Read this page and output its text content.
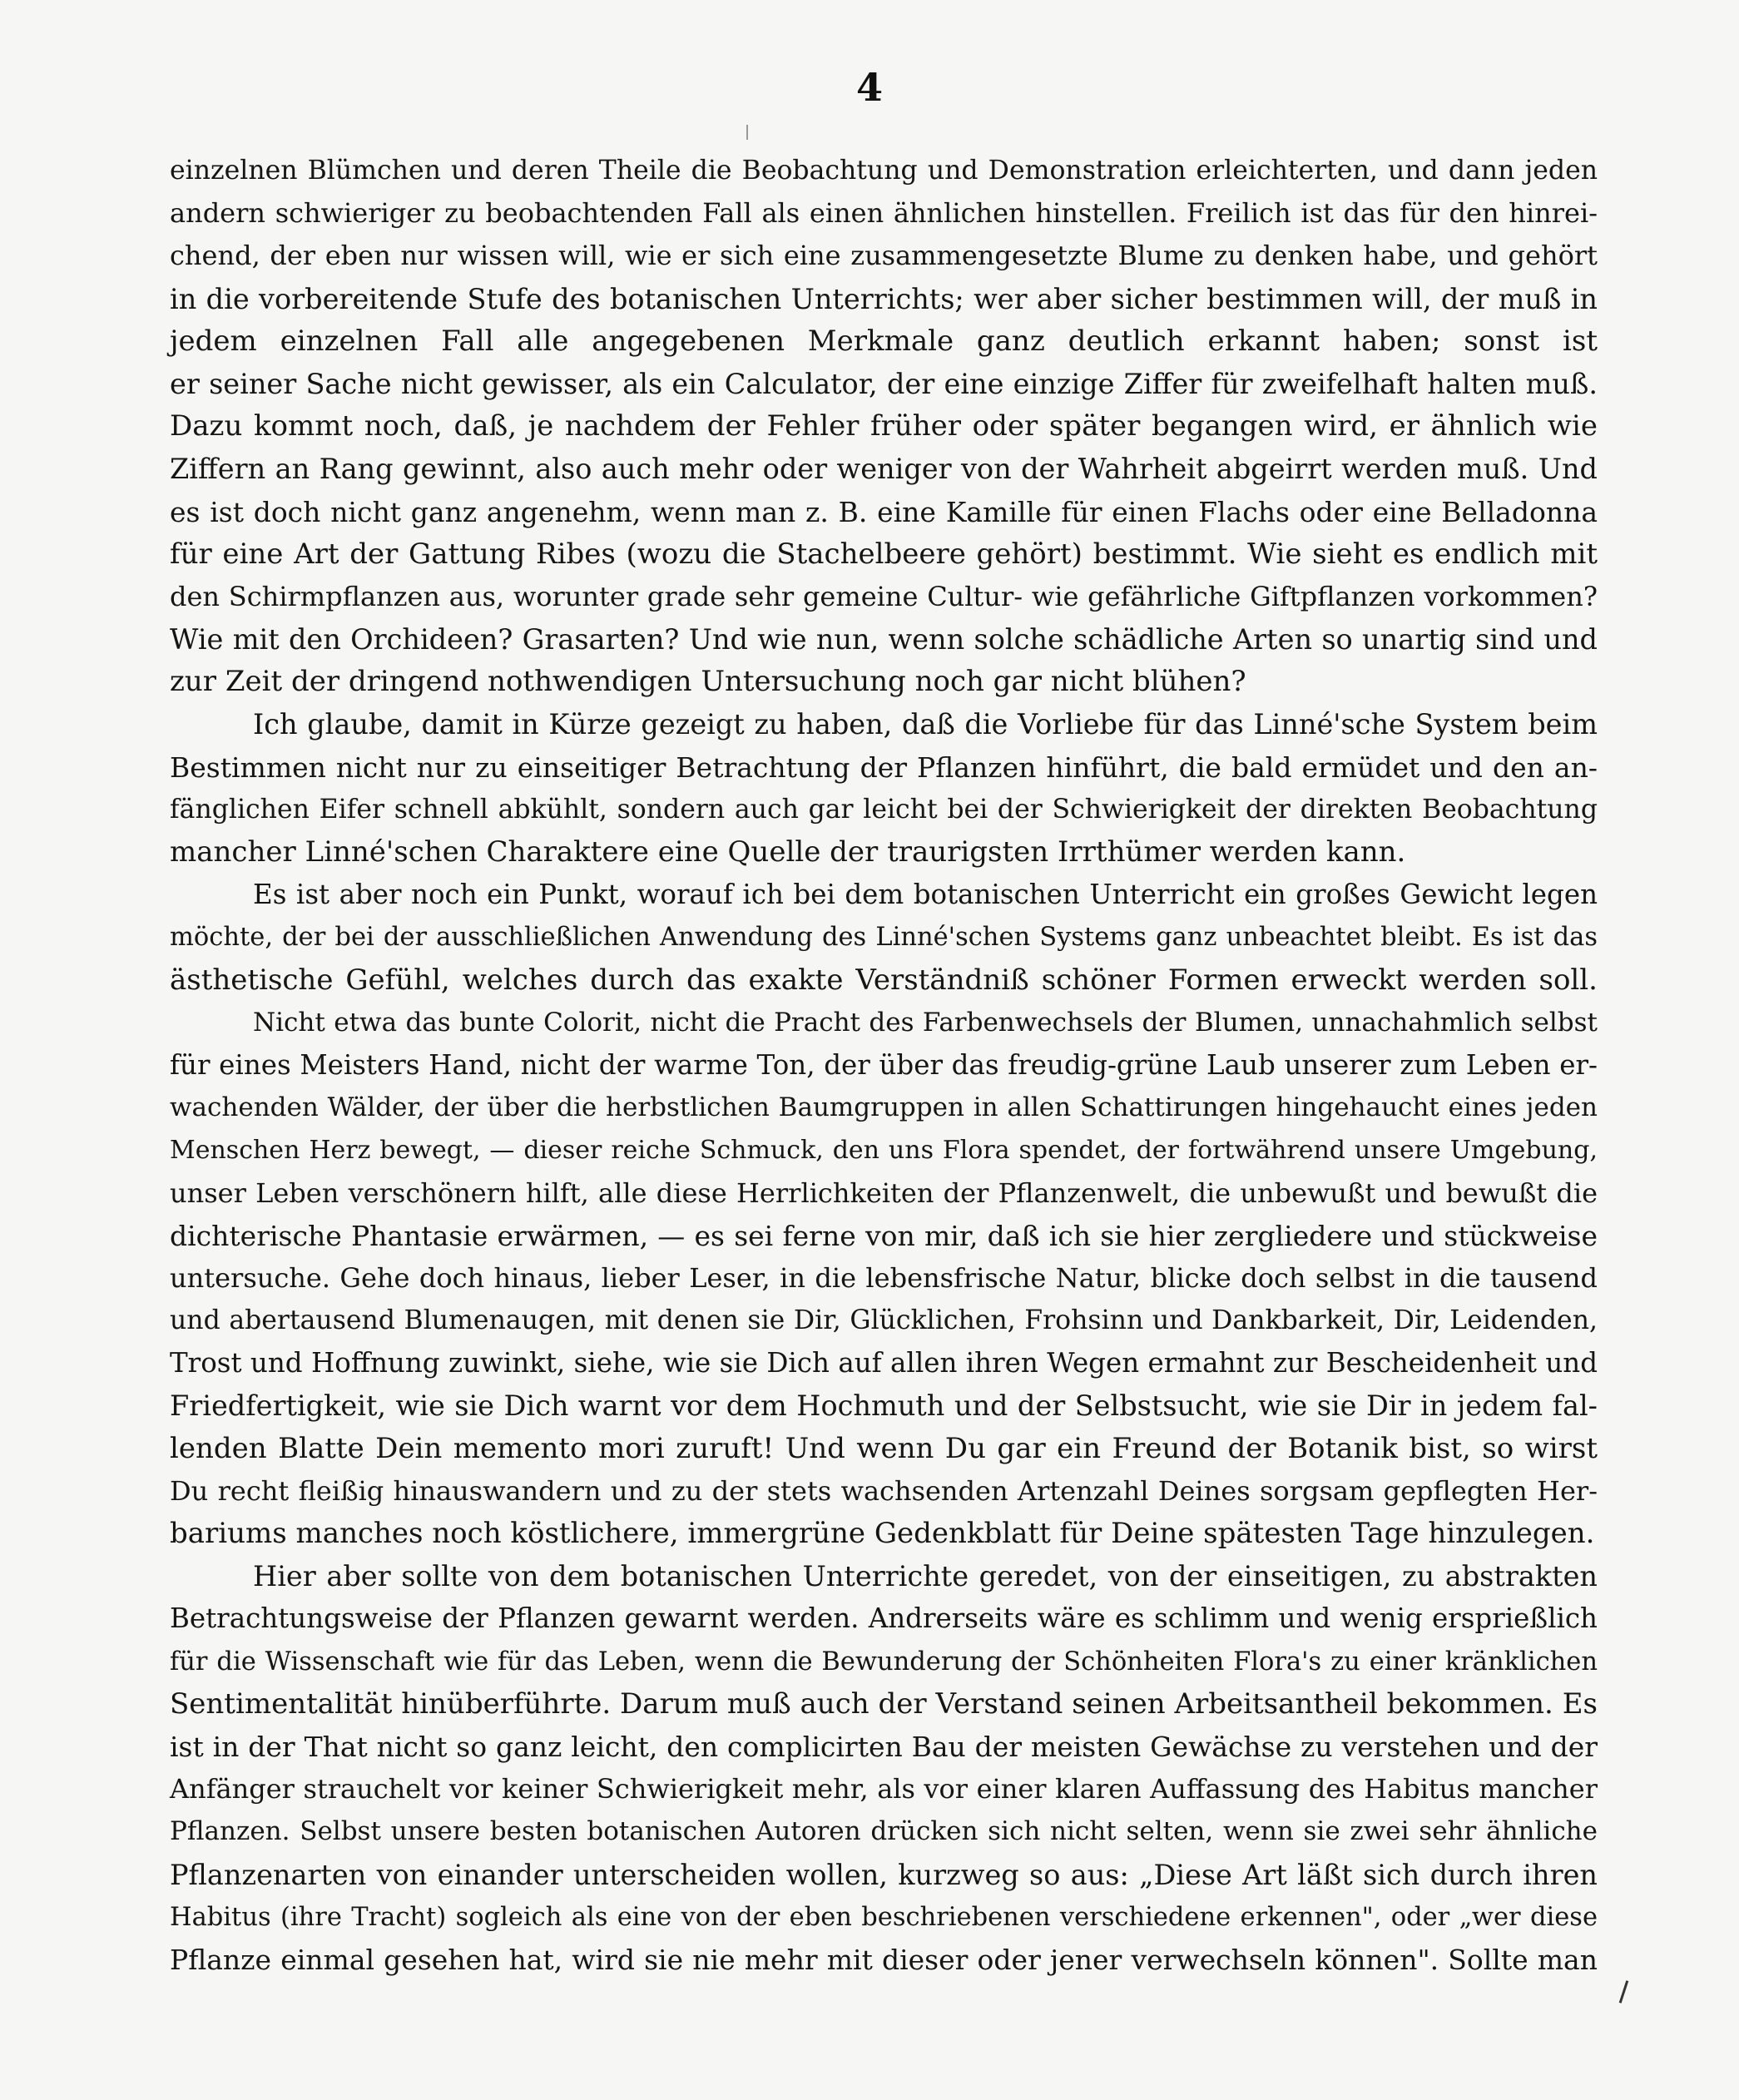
4
einzelnen Blümchen und deren Theile die Beobachtung und Demonstration erleichterten, und dann jeden
andern schwieriger zu beobachtenden Fall als einen ähnlichen hinstellen. Freilich ist das für den hinrei-
chend, der eben nur wissen will, wie er sich eine zusammengesetzte Blume zu denken habe, und gehört
in die vorbereitende Stufe des botanischen Unterrichts; wer aber sicher bestimmen will, der muß in
jedem einzelnen Fall alle angegebenen Merkmale ganz deutlich erkannt haben; sonst ist
er seiner Sache nicht gewisser, als ein Calculator, der eine einzige Ziffer für zweifelhaft halten muß.
Dazu kommt noch, daß, je nachdem der Fehler früher oder später begangen wird, er ähnlich wie
Ziffern an Rang gewinnt, also auch mehr oder weniger von der Wahrheit abgeirrt werden muß. Und
es ist doch nicht ganz angenehm, wenn man z. B. eine Kamille für einen Flachs oder eine Belladonna
für eine Art der Gattung Ribes (wozu die Stachelbeere gehört) bestimmt. Wie sieht es endlich mit
den Schirmpflanzen aus, worunter grade sehr gemeine Cultur- wie gefährliche Giftpflanzen vorkommen?
Wie mit den Orchideen? Grasarten? Und wie nun, wenn solche schädliche Arten so unartig sind und
zur Zeit der dringend nothwendigen Untersuchung noch gar nicht blühen?
Ich glaube, damit in Kürze gezeigt zu haben, daß die Vorliebe für das Linné'sche System beim
Bestimmen nicht nur zu einseitiger Betrachtung der Pflanzen hinführt, die bald ermüdet und den an-
fänglichen Eifer schnell abkühlt, sondern auch gar leicht bei der Schwierigkeit der direkten Beobachtung
mancher Linné'schen Charaktere eine Quelle der traurigsten Irrthümer werden kann.
Es ist aber noch ein Punkt, worauf ich bei dem botanischen Unterricht ein großes Gewicht legen
möchte, der bei der ausschließlichen Anwendung des Linné'schen Systems ganz unbeachtet bleibt. Es ist das
ästhetische Gefühl, welches durch das exakte Verständniß schöner Formen erweckt werden soll.
Nicht etwa das bunte Colorit, nicht die Pracht des Farbenwechsels der Blumen, unnachahmlich selbst
für eines Meisters Hand, nicht der warme Ton, der über das freudig-grüne Laub unserer zum Leben er-
wachenden Wälder, der über die herbstlichen Baumgruppen in allen Schattirungen hingehaucht eines jeden
Menschen Herz bewegt, — dieser reiche Schmuck, den uns Flora spendet, der fortwährend unsere Umgebung,
unser Leben verschönern hilft, alle diese Herrlichkeiten der Pflanzenwelt, die unbewußt und bewußt die
dichterische Phantasie erwärmen, — es sei ferne von mir, daß ich sie hier zergliedere und stückweise
untersuche. Gehe doch hinaus, lieber Leser, in die lebensfrische Natur, blicke doch selbst in die tausend
und abertausend Blumenaugen, mit denen sie Dir, Glücklichen, Frohsinn und Dankbarkeit, Dir, Leidenden,
Trost und Hoffnung zuwinkt, siehe, wie sie Dich auf allen ihren Wegen ermahnt zur Bescheidenheit und
Friedfertigkeit, wie sie Dich warnt vor dem Hochmuth und der Selbstsucht, wie sie Dir in jedem fal-
lenden Blatte Dein memento mori zuruft! Und wenn Du gar ein Freund der Botanik bist, so wirst
Du recht fleißig hinauswandern und zu der stets wachsenden Artenzahl Deines sorgsam gepflegten Her-
bariums manches noch köstlichere, immergrüne Gedenkblatt für Deine spätesten Tage hinzulegen.
Hier aber sollte von dem botanischen Unterrichte geredet, von der einseitigen, zu abstrakten
Betrachtungsweise der Pflanzen gewarnt werden. Andrerseits wäre es schlimm und wenig ersprießlich
für die Wissenschaft wie für das Leben, wenn die Bewunderung der Schönheiten Flora's zu einer kränklichen
Sentimentalität hinüberführte. Darum muß auch der Verstand seinen Arbeitsantheil bekommen. Es
ist in der That nicht so ganz leicht, den complicirten Bau der meisten Gewächse zu verstehen und der
Anfänger strauchelt vor keiner Schwierigkeit mehr, als vor einer klaren Auffassung des Habitus mancher
Pflanzen. Selbst unsere besten botanischen Autoren drücken sich nicht selten, wenn sie zwei sehr ähnliche
Pflanzenarten von einander unterscheiden wollen, kurzweg so aus: „Diese Art läßt sich durch ihren
Habitus (ihre Tracht) sogleich als eine von der eben beschriebenen verschiedene erkennen", oder „wer diese
Pflanze einmal gesehen hat, wird sie nie mehr mit dieser oder jener verwechseln können". Sollte man
